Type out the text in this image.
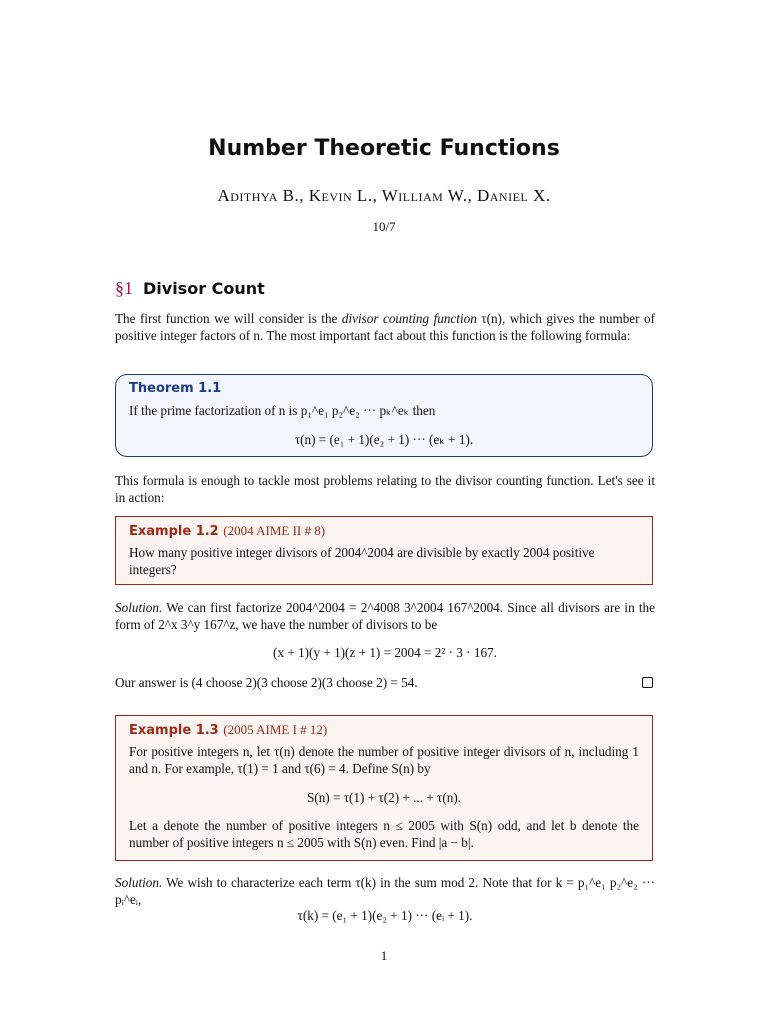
Number Theoretic Functions
Adithya B., Kevin L., William W., Daniel X.
10/7
§1 Divisor Count
The first function we will consider is the divisor counting function τ(n), which gives the number of positive integer factors of n. The most important fact about this function is the following formula:
Theorem 1.1
If the prime factorization of n is p₁^e₁ p₂^e₂ ··· pₖ^eₖ then
τ(n) = (e₁ + 1)(e₂ + 1) ··· (eₖ + 1).
This formula is enough to tackle most problems relating to the divisor counting function. Let's see it in action:
Example 1.2 (2004 AIME II # 8)
How many positive integer divisors of 2004^2004 are divisible by exactly 2004 positive integers?
Solution. We can first factorize 2004^2004 = 2^4008 3^2004 167^2004. Since all divisors are in the form of 2^x 3^y 167^z, we have the number of divisors to be
(x + 1)(y + 1)(z + 1) = 2004 = 2² · 3 · 167.
Our answer is (4 choose 2)(3 choose 2)(3 choose 2) = 54.
Example 1.3 (2005 AIME I # 12)
For positive integers n, let τ(n) denote the number of positive integer divisors of n, including 1 and n. For example, τ(1) = 1 and τ(6) = 4. Define S(n) by
S(n) = τ(1) + τ(2) + ... + τ(n).
Let a denote the number of positive integers n ≤ 2005 with S(n) odd, and let b denote the number of positive integers n ≤ 2005 with S(n) even. Find |a − b|.
Solution. We wish to characterize each term τ(k) in the sum mod 2. Note that for k = p₁^e₁ p₂^e₂ ··· pᵢ^eᵢ,
τ(k) = (e₁ + 1)(e₂ + 1) ··· (eᵢ + 1).
1
